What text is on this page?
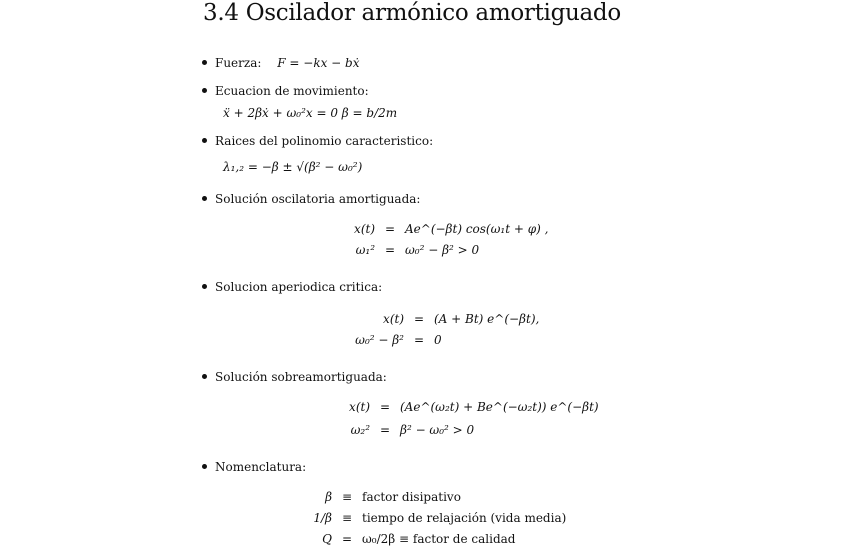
3.4 Oscilador armónico amortiguado
Fuerza: F = −kx − bẋ
Ecuacion de movimiento:
ẍ + 2βẋ + ω₀²x = 0 β = b/2m
Raices del polinomio caracteristico:
λ₁,₂ = −β ± √(β² − ω₀²)
Solución oscilatoria amortiguada:
x(t) = Ae^(−βt) cos(ω₁t + φ) ,
ω₁² = ω₀² − β² > 0
Solucion aperiodica critica:
x(t) = (A + Bt) e^(−βt),
ω₀² − β² = 0
Solución sobreamortiguada:
x(t) = (Ae^(ω₂t) + Be^(−ω₂t)) e^(−βt)
ω₂² = β² − ω₀² > 0
Nomenclatura:
β ≡ factor disipativo
1/β ≡ tiempo de relajación (vida media)
Q = ω₀/2β ≡ factor de calidad
